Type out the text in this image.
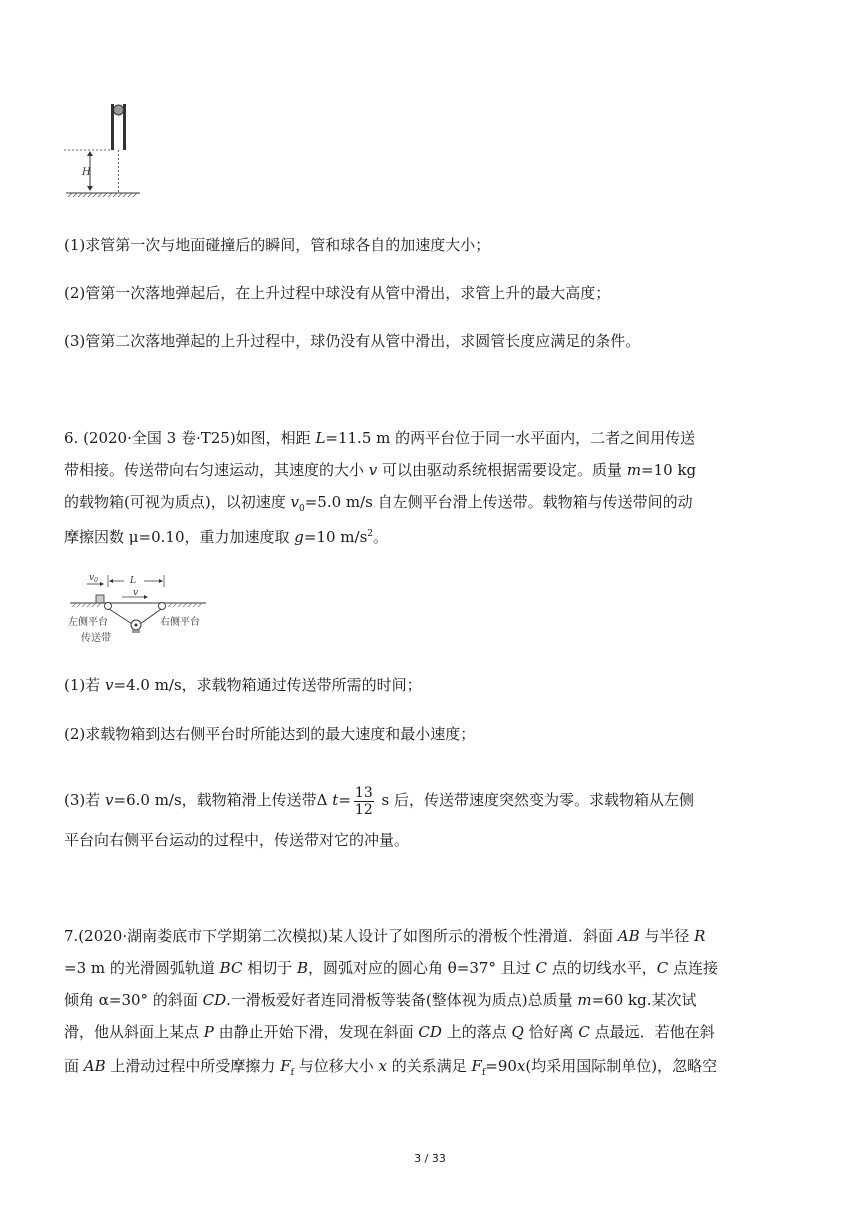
H
(1)求管第一次与地面碰撞后的瞬间，管和球各自的加速度大小；
(2)管第一次落地弹起后，在上升过程中球没有从管中滑出，求管上升的最大高度；
(3)管第二次落地弹起的上升过程中，球仍没有从管中滑出，求圆管长度应满足的条件。
6. (2020·全国 3 卷·T25)如图，相距 L=11.5 m 的两平台位于同一水平面内，二者之间用传送
带相接。传送带向右匀速运动，其速度的大小 v 可以由驱动系统根据需要设定。质量 m=10 kg
的载物箱(可视为质点)，以初速度 $v_0=5.0$ m/s 自左侧平台滑上传送带。载物箱与传送带间的动
摩擦因数 μ=0.10，重力加速度取 g=10 $m/s^2$。
$v_0$	L
v
左侧平台	右侧平台
传送带
(1)若 v=4.0 m/s，求载物箱通过传送带所需的时间；
(2)求载物箱到达右侧平台时所能达到的最大速度和最小速度；
(3)若 v=6.0 m/s，载物箱滑上传送带Δ $t= \frac{13}{12}$ s 后，传送带速度突然变为零。求载物箱从左侧
平台向右侧平台运动的过程中，传送带对它的冲量。
7.(2020·湖南娄底市下学期第二次模拟)某人设计了如图所示的滑板个性滑道．斜面 AB 与半径 R
=3 m 的光滑圆弧轨道 BC 相切于 B，圆弧对应的圆心角 θ=37° 且过 C 点的切线水平，C 点连接
倾角 α=30° 的斜面 CD.一滑板爱好者连同滑板等装备(整体视为质点)总质量 m=60 kg.某次试
滑，他从斜面上某点 P 由静止开始下滑，发现在斜面 CD 上的落点 Q 恰好离 C 点最远．若他在斜
面 AB 上滑动过程中所受摩擦力 $F_f$ 与位移大小 x 的关系满足 $F_f=90x$(均采用国际制单位)，忽略空
3 / 33
